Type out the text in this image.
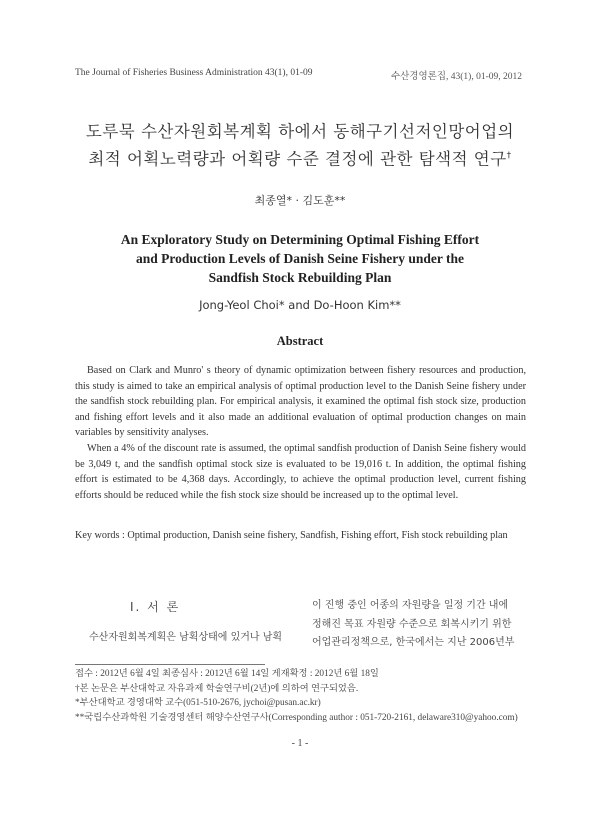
The Journal of Fisheries Business Administration 43(1), 01-09	수산경영론집, 43(1), 01-09, 2012
도루묵 수산자원회복계획 하에서 동해구기선저인망어업의
최적 어획노력량과 어획량 수준 결정에 관한 탐색적 연구†
최종열* · 김도훈**
An Exploratory Study on Determining Optimal Fishing Effort
and Production Levels of Danish Seine Fishery under the
Sandfish Stock Rebuilding Plan
Jong-Yeol Choi* and Do-Hoon Kim**
Abstract

Based on Clark and Munro' s theory of dynamic optimization between fishery resources and production, this study is aimed to take an empirical analysis of optimal production level to the Danish Seine fishery under the sandfish stock rebuilding plan. For empirical analysis, it examined the optimal fish stock size, production and fishing effort levels and it also made an additional evaluation of optimal production changes on main variables by sensitivity analyses.

When a 4% of the discount rate is assumed, the optimal sandfish production of Danish Seine fishery would be 3,049 t, and the sandfish optimal stock size is evaluated to be 19,016 t. In addition, the optimal fishing effort is estimated to be 4,368 days. Accordingly, to achieve the optimal production level, current fishing efforts should be reduced while the fish stock size should be increased up to the optimal level.

Key words : Optimal production, Danish seine fishery, Sandfish, Fishing effort, Fish stock rebuilding plan
Ⅰ. 서 론
수산자원회복계획은 남획상태에 있거나 남획
이 진행 중인 어종의 자원량을 일정 기간 내에
정해진 목표 자원량 수준으로 회복시키기 위한
어업관리정책으로, 한국에서는 지난 2006년부
접수 : 2012년 6월 4일 최종심사 : 2012년 6월 14일 게재확정 : 2012년 6월 18일
†본 논문은 부산대학교 자유과제 학술연구비(2년)에 의하여 연구되었음.
*부산대학교 경영대학 교수(051-510-2676, jychoi@pusan.ac.kr)
**국립수산과학원 기술경영센터 해양수산연구사(Corresponding author : 051-720-2161, delaware310@yahoo.com)
- 1 -
